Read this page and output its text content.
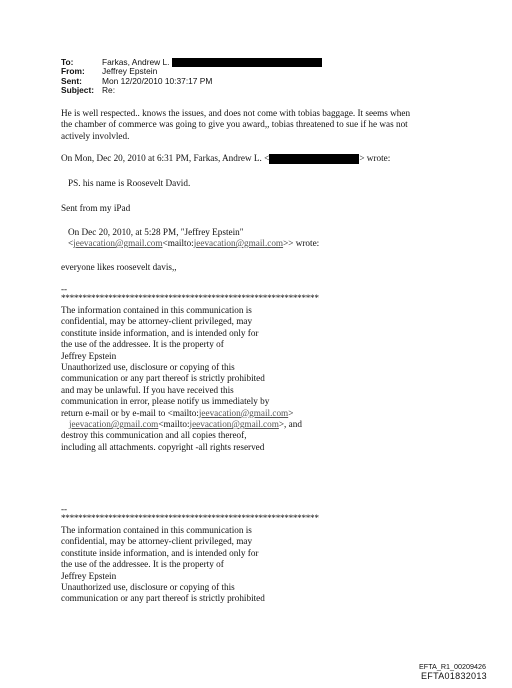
To:	Farkas, Andrew L.
From:	Jeffrey Epstein
Sent:	Mon 12/20/2010 10:37:17 PM
Subject: Re:
He is well respected.. knows the issues, and does not come with tobias baggage. It seems when
the chamber of commerce was going to give you award,, tobias threatened to sue if he was not
actively involvled.
On Mon, Dec 20, 2010 at 6:31 PM, Farkas, Andrew L. <	> wrote:
PS. his name is Roosevelt David.
Sent from my iPad
On Dec 20, 2010, at 5:28 PM, "Jeffrey Epstein"
<jeevacation@gmail.com<mailto:jeevacation@gmail.com>> wrote:
everyone likes roosevelt davis,,
--
************************************************************
The information contained in this communication is
confidential, may be attorney-client privileged, may
constitute inside information, and is intended only for
the use of the addressee. It is the property of
Jeffrey Epstein
Unauthorized use, disclosure or copying of this
communication or any part thereof is strictly prohibited
and may be unlawful. If you have received this
communication in error, please notify us immediately by
return e-mail or by e-mail to <mailto:jeevacation@gmail.com>
jeevacation@gmail.com<mailto:jeevacation@gmail.com>, and
destroy this communication and all copies thereof,
including all attachments. copyright -all rights reserved
--
************************************************************
The information contained in this communication is
confidential, may be attorney-client privileged, may
constitute inside information, and is intended only for
the use of the addressee. It is the property of
Jeffrey Epstein
Unauthorized use, disclosure or copying of this
communication or any part thereof is strictly prohibited
EFTA_R1_00209426
EFTA01832013
